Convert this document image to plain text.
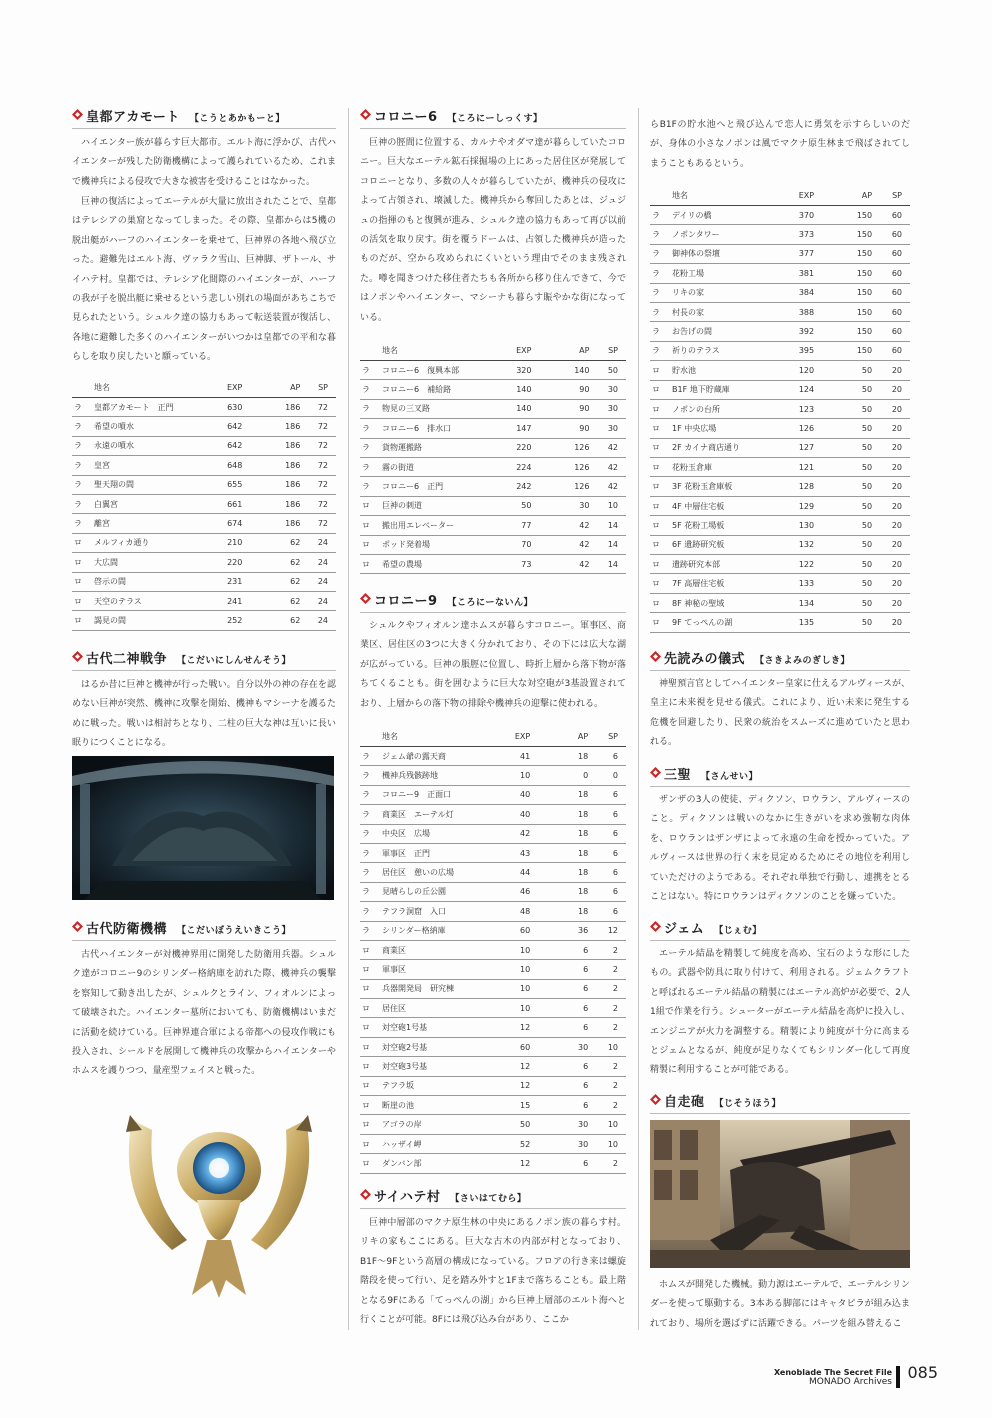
皇都アカモート 【こうとあかもーと】
ハイエンター族が暮らす巨大都市。エルト海に浮かび、古代ハイエンターが残した防衛機構によって護られているため、これまで機神兵による侵攻で大きな被害を受けることはなかった。
巨神の復活によってエーテルが大量に放出されたことで、皇都はテレシアの巣窟となってしまった。その際、皇都からは5機の脱出艇がハーフのハイエンターを乗せて、巨神界の各地へ飛び立った。避難先はエルト海、ヴァラク雪山、巨神脚、ザトール、サイハテ村。皇都では、テレシア化間際のハイエンターが、ハーフの我が子を脱出艇に乗せるという悲しい別れの場面があちこちで見られたという。シュルク達の協力もあって転送装置が復活し、各地に避難した多くのハイエンターがいつかは皇都での平和な暮らしを取り戻したいと願っている。
地名		EXP	AP	SP
ラ	皇都アカモート　正門	630	186	72
ラ	希望の噴水	642	186	72
ラ	永遠の噴水	642	186	72
ラ	皇宮	648	186	72
ラ	聖天翔の間	655	186	72
ラ	白翼宮	661	186	72
ラ	離宮	674	186	72
ロ	メルフィカ通り	210	62	24
ロ	大広間	220	62	24
ロ	啓示の間	231	62	24
ロ	天空のテラス	241	62	24
ロ	謁見の間	252	62	24
古代二神戦争 【こだいにしんせんそう】
はるか昔に巨神と機神が行った戦い。自分以外の神の存在を認めない巨神が突然、機神に攻撃を開始、機神もマシーナを護るために戦った。戦いは相討ちとなり、二柱の巨大な神は互いに長い眠りにつくことになる。
古代防衛機構 【こだいぼうえいきこう】
古代ハイエンターが対機神界用に開発した防衛用兵器。シュルク達がコロニー9のシリンダー格納庫を訪れた際、機神兵の襲撃を察知して動き出したが、シュルクとライン、フィオルンによって破壊された。ハイエンター墓所においても、防衛機構はいまだに活動を続けている。巨神界連合軍による帝都への侵攻作戦にも投入され、シールドを展開して機神兵の攻撃からハイエンターやホムスを護りつつ、量産型フェイスと戦った。
コロニー6 【ころにーしっくす】
巨神の脛間に位置する、カルナやオダマ達が暮らしていたコロニー。巨大なエーテル鉱石採掘場の上にあった居住区が発展してコロニーとなり、多数の人々が暮らしていたが、機神兵の侵攻によって占領され、壊滅した。機神兵から奪回したあとは、ジュジュの指揮のもと復興が進み、シュルク達の協力もあって再び以前の活気を取り戻す。街を覆うドームは、占領した機神兵が造ったものだが、空から攻められにくいという理由でそのまま残された。噂を聞きつけた移住者たちも各所から移り住んできて、今ではノポンやハイエンター、マシーナも暮らす賑やかな街になっている。
地名		EXP	AP	SP
ラ	コロニー6　復興本部	320	140	50
ラ	コロニー6　補給路	140	90	30
ラ	物見の三叉路	140	90	30
ラ	コロニー6　排水口	147	90	30
ラ	貨物運搬路	220	126	42
ラ	霧の街道	224	126	42
ラ	コロニー6　正門	242	126	42
ロ	巨神の刺道	50	30	10
ロ	搬出用エレベーター	77	42	14
ロ	ポッド発着場	70	42	14
ロ	希望の農場	73	42	14
コロニー9 【ころにーないん】
シュルクやフィオルン達ホムスが暮らすコロニー。軍事区、商業区、居住区の3つに大きく分かれており、その下には広大な湖が広がっている。巨神の脹脛に位置し、時折上層から落下物が落ちてくることも。街を囲むように巨大な対空砲が3基設置されており、上層からの落下物の排除や機神兵の迎撃に使われる。
地名		EXP	AP	SP
ラ	ジェム爺の露天商	41	18	6
ラ	機神兵残骸跡地	10	0	0
ラ	コロニー9　正面口	40	18	6
ラ	商業区　エーテル灯	40	18	6
ラ	中央区　広場	42	18	6
ラ	軍事区　正門	43	18	6
ラ	居住区　憩いの広場	44	18	6
ラ	見晴らしの丘公園	46	18	6
ラ	テフラ洞窟　入口	48	18	6
ラ	シリンダー格納庫	60	36	12
ロ	商業区	10	6	2
ロ	軍事区	10	6	2
ロ	兵器開発局　研究棟	10	6	2
ロ	居住区	10	6	2
ロ	対空砲1号基	12	6	2
ロ	対空砲2号基	60	30	10
ロ	対空砲3号基	12	6	2
ロ	テフラ坂	12	6	2
ロ	断崖の池	15	6	2
ロ	アゴラの岸	50	30	10
ロ	ハッザイ岬	52	30	10
ロ	ダンバン部	12	6	2
サイハテ村 【さいはてむら】
巨神中層部のマクナ原生林の中央にあるノポン族の暮らす村。リキの家もここにある。巨大な古木の内部が村となっており、B1F～9Fという高層の構成になっている。フロアの行き来は螺旋階段を使って行い、足を踏み外すと1Fまで落ちることも。最上階となる9Fにある「てっぺんの湖」から巨神上層部のエルト海へと行くことが可能。8Fには飛び込み台があり、ここか
らB1Fの貯水池へと飛び込んで恋人に勇気を示すらしいのだが、身体の小さなノポンは風でマクナ原生林まで飛ばされてしまうこともあるという。
地名		EXP	AP	SP
ラ	デイリの橋	370	150	60
ラ	ノポンタワー	373	150	60
ラ	御神体の祭壇	377	150	60
ラ	花粉工場	381	150	60
ラ	リキの家	384	150	60
ラ	村長の家	388	150	60
ラ	お告げの間	392	150	60
ラ	祈りのテラス	395	150	60
ロ	貯水池	120	50	20
ロ	B1F 地下貯蔵庫	124	50	20
ロ	ノポンの台所	123	50	20
ロ	1F 中央広場	126	50	20
ロ	2F カイナ商店通り	127	50	20
ロ	花粉玉倉庫	121	50	20
ロ	3F 花粉玉倉庫板	128	50	20
ロ	4F 中層住宅板	129	50	20
ロ	5F 花粉工場板	130	50	20
ロ	6F 遺跡研究板	132	50	20
ロ	遺跡研究本部	122	50	20
ロ	7F 高層住宅板	133	50	20
ロ	8F 神秘の聖域	134	50	20
ロ	9F てっぺんの湖	135	50	20
先読みの儀式 【さきよみのぎしき】
神聖預言官としてハイエンター皇家に仕えるアルヴィースが、皇主に未来視を見せる儀式。これにより、近い未来に発生する危機を回避したり、民衆の統治をスムーズに進めていたと思われる。
三聖 【さんせい】
ザンザの3人の使徒、ディクソン、ロウラン、アルヴィースのこと。ディクソンは戦いのなかに生きがいを求め強靭な肉体を、ロウランはザンザによって永遠の生命を授かっていた。アルヴィースは世界の行く末を見定めるためにその地位を利用していただけのようである。それぞれ単独で行動し、連携をとることはない。特にロウランはディクソンのことを嫌っていた。
ジェム 【じぇむ】
エーテル結晶を精製して純度を高め、宝石のような形にしたもの。武器や防具に取り付けて、利用される。ジェムクラフトと呼ばれるエーテル結晶の精製にはエーテル高炉が必要で、2人1組で作業を行う。シューターがエーテル結晶を高炉に投入し、エンジニアが火力を調整する。精製により純度が十分に高まるとジェムとなるが、純度が足りなくてもシリンダー化して再度精製に利用することが可能である。
自走砲 【じそうほう】
ホムスが開発した機械。動力源はエーテルで、エーテルシリンダーを使って駆動する。3本ある脚部にはキャタピラが組み込まれており、場所を選ばずに活躍できる。パーツを組み替えるこ
Xenoblade The Secret File
MONADO Archives 085
